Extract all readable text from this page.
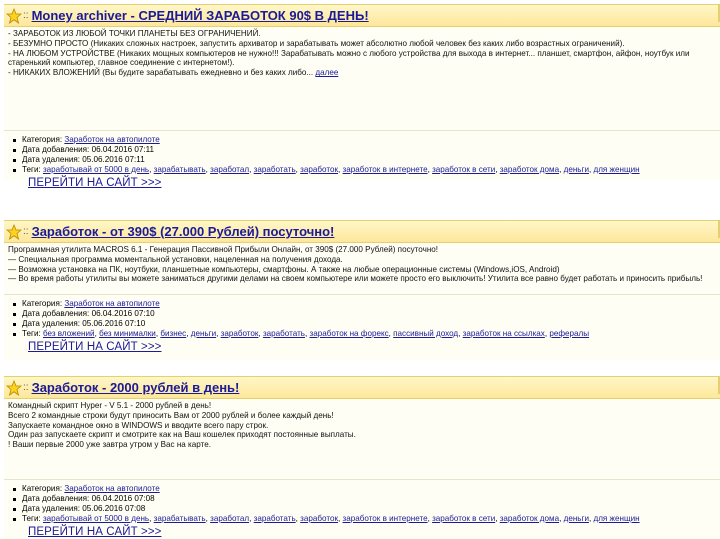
:: Money archiver - СРЕДНИЙ ЗАРАБОТОК 90$ В ДЕНЬ!
- ЗАРАБОТОК ИЗ ЛЮБОЙ ТОЧКИ ПЛАНЕТЫ БЕЗ ОГРАНИЧЕНИЙ.
- БЕЗУМНО ПРОСТО (Никаких сложных настроек, запустить архиватор и зарабатывать может абсолютно любой человек без каких либо возрастных ограничений).
- НА ЛЮБОМ УСТРОЙСТВЕ (Никаких мощных компьютеров не нужно!!! Зарабатывать можно с любого устройства для выхода в интернет... планшет, смартфон, айфон, ноутбук или старенький компьютер, главное соединение с интернетом!).
- НИКАКИХ ВЛОЖЕНИЙ (Вы будите зарабатывать ежедневно и без каких либо... далее
Категория: Заработок на автопилоте
Дата добавления: 06.04.2016 07:11
Дата удаления: 05.06.2016 07:11
Теги: заработывай от 5000 в день, зарабатывать, заработал, заработать, заработок, заработок в интернете, заработок в сети, заработок дома, деньги, для женщин
ПЕРЕЙТИ НА САЙТ >>>
:: Заработок - от 390$ (27.000 Рублей) посуточно!
Программная утилита MACROS 6.1 - Генерация Пассивной Прибыли Онлайн, от 390$ (27.000 Рублей) посуточно!
— Специальная программа моментальной установки, нацеленная на получения дохода.
— Возможна установка на ПК, ноутбуки, планшетные компьютеры, смартфоны. А также на любые операционные системы (Windows,iOS, Android)
— Во время работы утилиты вы можете заниматься другими делами на своем компьютере или можете просто его выключить! Утилита все равно будет работать и приносить прибыль!
Категория: Заработок на автопилоте
Дата добавления: 06.04.2016 07:10
Дата удаления: 05.06.2016 07:10
Теги: без вложений, без минималки, бизнес, деньги, заработок, заработать, заработок на форекс, пассивный доход, заработок на ссылках, рефералы
ПЕРЕЙТИ НА САЙТ >>>
:: Заработок - 2000 рублей в день!
Командный скрипт Hyper - V 5.1 - 2000 рублей в день!
Всего 2 командные строки будут приносить Вам от 2000 рублей и более каждый день!
Запускаете командное окно в WINDOWS и вводите всего пару строк.
Один раз запускаете скрипт и смотрите как на Ваш кошелек приходят постоянные выплаты.
! Ваши первые 2000 уже завтра утром у Вас на карте.
Категория: Заработок на автопилоте
Дата добавления: 06.04.2016 07:08
Дата удаления: 05.06.2016 07:08
Теги: заработывай от 5000 в день, зарабатывать, заработал, заработать, заработок, заработок в интернете, заработок в сети, заработок дома, деньги, для женщин
ПЕРЕЙТИ НА САЙТ >>>
